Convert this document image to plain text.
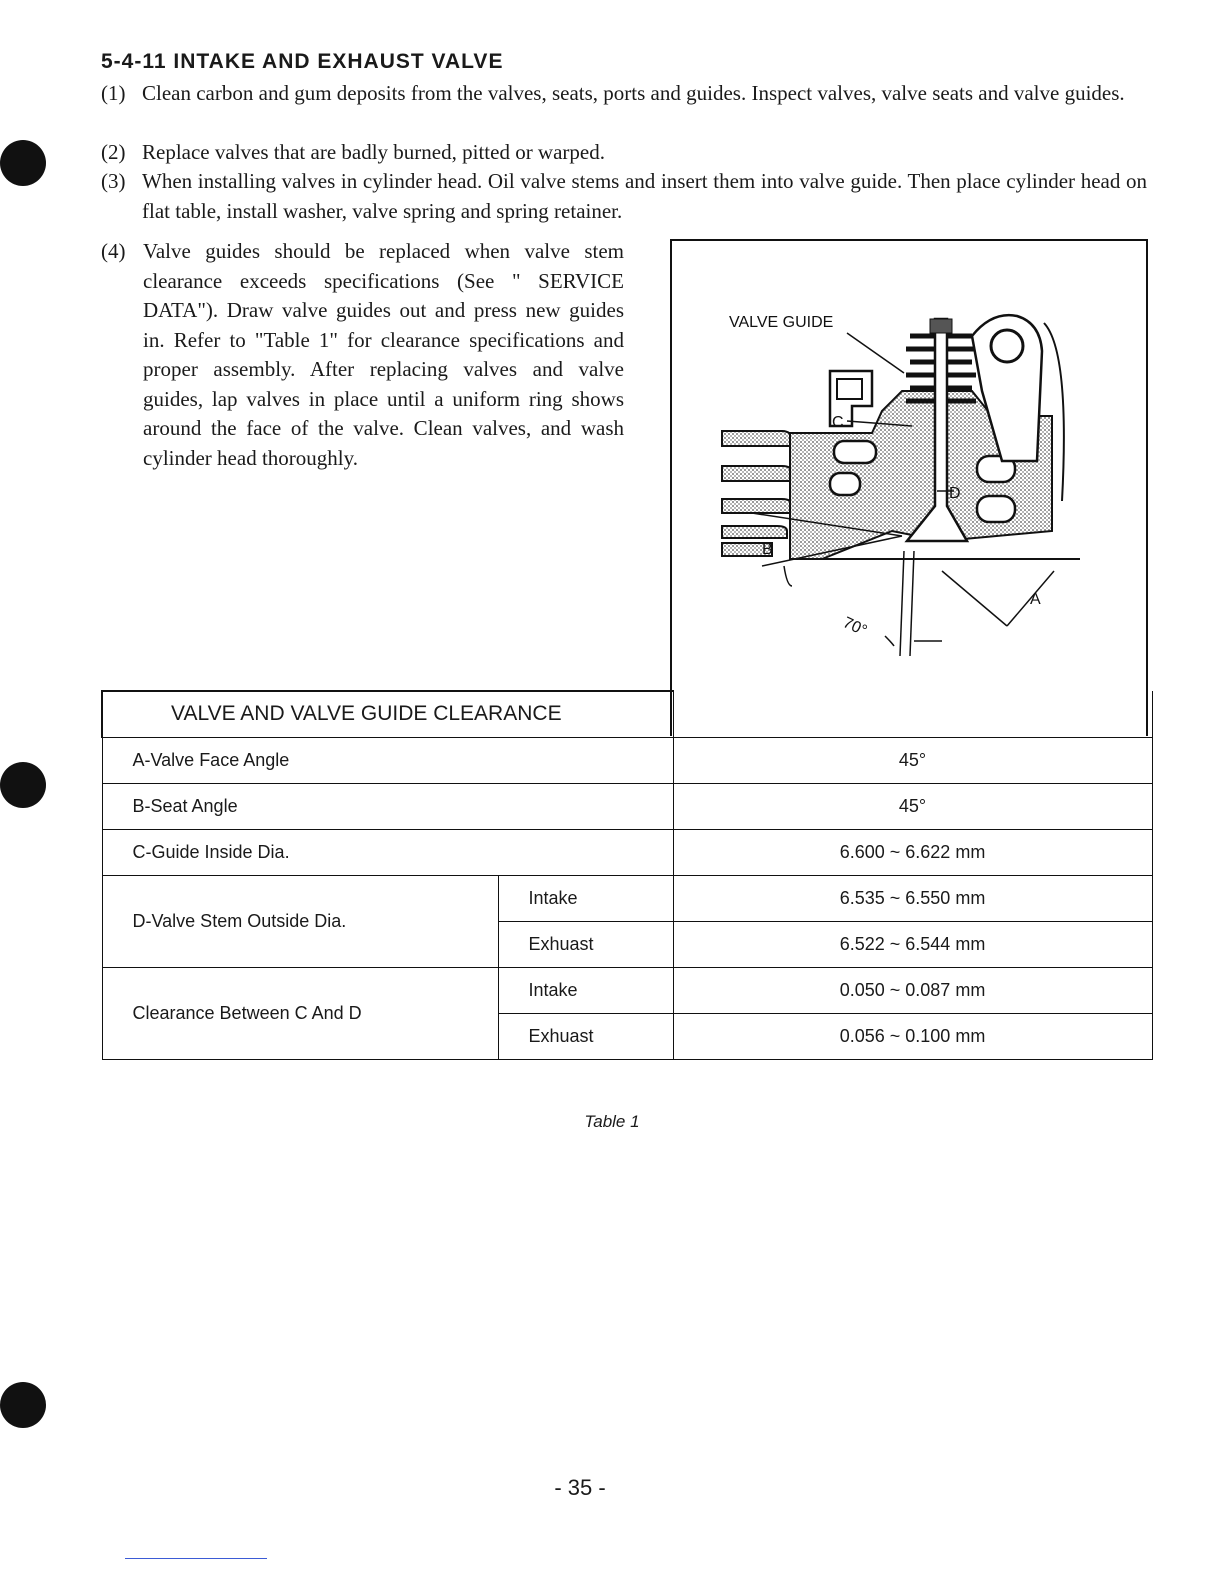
5-4-11 INTAKE AND EXHAUST VALVE
(1) Clean carbon and gum deposits from the valves, seats, ports and guides. Inspect valves, valve seats and valve guides.
(2) Replace valves that are badly burned, pitted or warped.
(3) When installing valves in cylinder head. Oil valve stems and insert them into valve guide. Then place cylinder head on flat table, install washer, valve spring and spring retainer.
(4) Valve guides should be replaced when valve stem clearance exceeds specifications (See " SERVICE DATA"). Draw valve guides out and press new guides in. Refer to "Table 1" for clearance specifications and proper assembly. After replacing valves and valve guides, lap valves in place until a uniform ring shows around the face of the valve. Clean valves, and wash cylinder head thoroughly.
VALVE GUIDE
C
D
B
A
70°
VALVE AND VALVE GUIDE CLEARANCE		
A-Valve Face Angle		45°
B-Seat Angle		45°
C-Guide Inside Dia.		6.600 ~ 6.622 mm
D-Valve Stem Outside Dia.	Intake	6.535 ~ 6.550 mm
	Exhuast	6.522 ~ 6.544 mm
Clearance Between C And D	Intake	0.050 ~ 0.087 mm
	Exhuast	0.056 ~ 0.100 mm
Table 1
- 35 -
